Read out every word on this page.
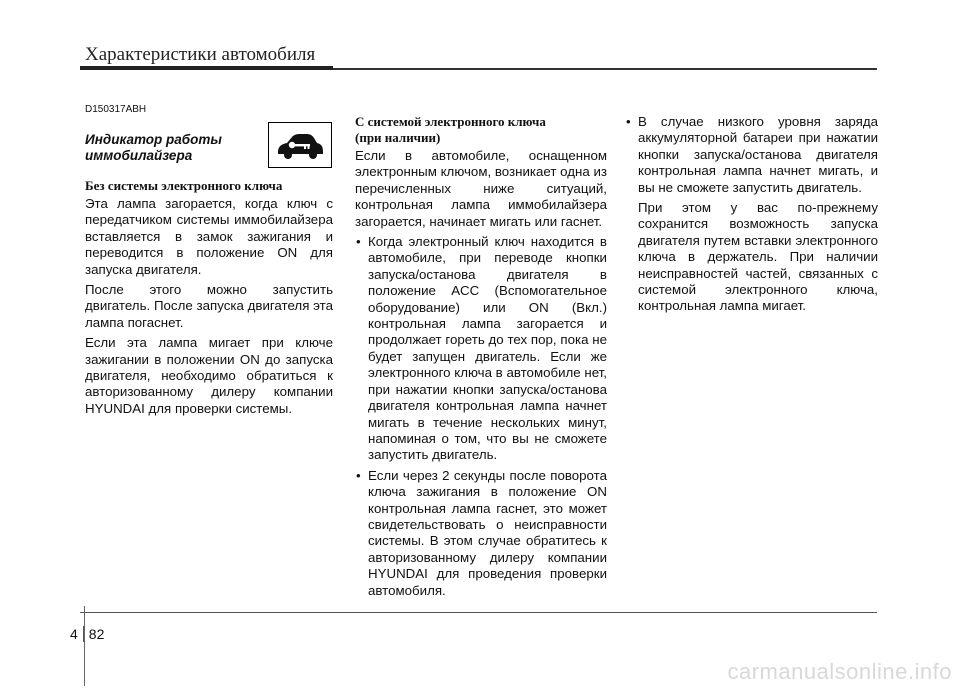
Характеристики автомобиля
D150317ABH
Индикатор работы иммобилайзера
Без системы электронного ключа

Эта лампа загорается, когда ключ с передатчиком системы иммобилайзера вставляется в замок зажигания и переводится в положение ON для запуска двигателя.

После этого можно запустить двигатель. После запуска двигателя эта лампа погаснет.

Если эта лампа мигает при ключе зажигании в положении ON до запуска двигателя, необходимо обратиться к авторизованному дилеру компании HYUNDAI для проверки системы.

С системой электронного ключа (при наличии)

Если в автомобиле, оснащенном электронным ключом, возникает одна из перечисленных ниже ситуаций, контрольная лампа иммобилайзера загорается, начинает мигать или гаснет.

• Когда электронный ключ находится в автомобиле, при переводе кнопки запуска/останова двигателя в положение ACC (Вспомогательное оборудование) или ON (Вкл.) контрольная лампа загорается и продолжает гореть до тех пор, пока не будет запущен двигатель. Если же электронного ключа в автомобиле нет, при нажатии кнопки запуска/останова двигателя контрольная лампа начнет мигать в течение нескольких минут, напоминая о том, что вы не сможете запустить двигатель.
• Если через 2 секунды после поворота ключа зажигания в положение ON контрольная лампа гаснет, это может свидетельствовать о неисправности системы. В этом случае обратитесь к авторизованному дилеру компании HYUNDAI для проведения проверки автомобиля.
• В случае низкого уровня заряда аккумуляторной батареи при нажатии кнопки запуска/останова двигателя контрольная лампа начнет мигать, и вы не сможете запустить двигатель.
При этом у вас по-прежнему сохранится возможность запуска двигателя путем вставки электронного ключа в держатель. При наличии неисправностей частей, связанных с системой электронного ключа, контрольная лампа мигает.
4 82
carmanualsonline.info
